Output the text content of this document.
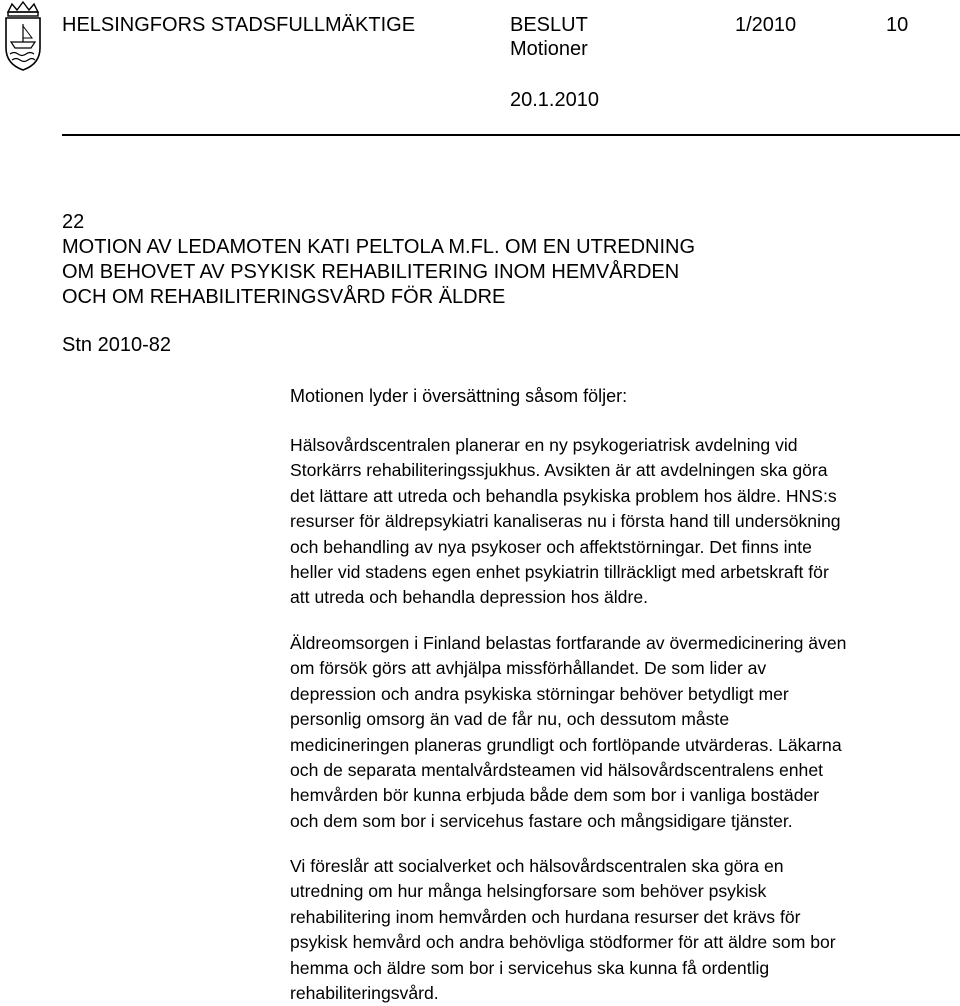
HELSINGFORS STADSFULLMÄKTIGE	BESLUT
Motioner
1/2010	10
20.1.2010
22
MOTION AV LEDAMOTEN KATI PELTOLA M.FL. OM EN UTREDNING
OM BEHOVET AV PSYKISK REHABILITERING INOM HEMVÅRDEN
OCH OM REHABILITERINGSVÅRD FÖR ÄLDRE
Stn 2010-82
Motionen lyder i översättning såsom följer:
Hälsovårdscentralen planerar en ny psykogeriatrisk avdelning vid
Storkärrs rehabiliteringssjukhus. Avsikten är att avdelningen ska göra
det lättare att utreda och behandla psykiska problem hos äldre. HNS:s
resurser för äldrepsykiatri kanaliseras nu i första hand till undersökning
och behandling av nya psykoser och affektstörningar. Det finns inte
heller vid stadens egen enhet psykiatrin tillräckligt med arbetskraft för
att utreda och behandla depression hos äldre.
Äldreomsorgen i Finland belastas fortfarande av övermedicinering även
om försök görs att avhjälpa missförhållandet. De som lider av
depression och andra psykiska störningar behöver betydligt mer
personlig omsorg än vad de får nu, och dessutom måste
medicineringen planeras grundligt och fortlöpande utvärderas. Läkarna
och de separata mentalvårdsteamen vid hälsovårdscentralens enhet
hemvården bör kunna erbjuda både dem som bor i vanliga bostäder
och dem som bor i servicehus fastare och mångsidigare tjänster.
Vi föreslår att socialverket och hälsovårdscentralen ska göra en
utredning om hur många helsingforsare som behöver psykisk
rehabilitering inom hemvården och hurdana resurser det krävs för
psykisk hemvård och andra behövliga stödformer för att äldre som bor
hemma och äldre som bor i servicehus ska kunna få ordentlig
rehabiliteringsvård.
